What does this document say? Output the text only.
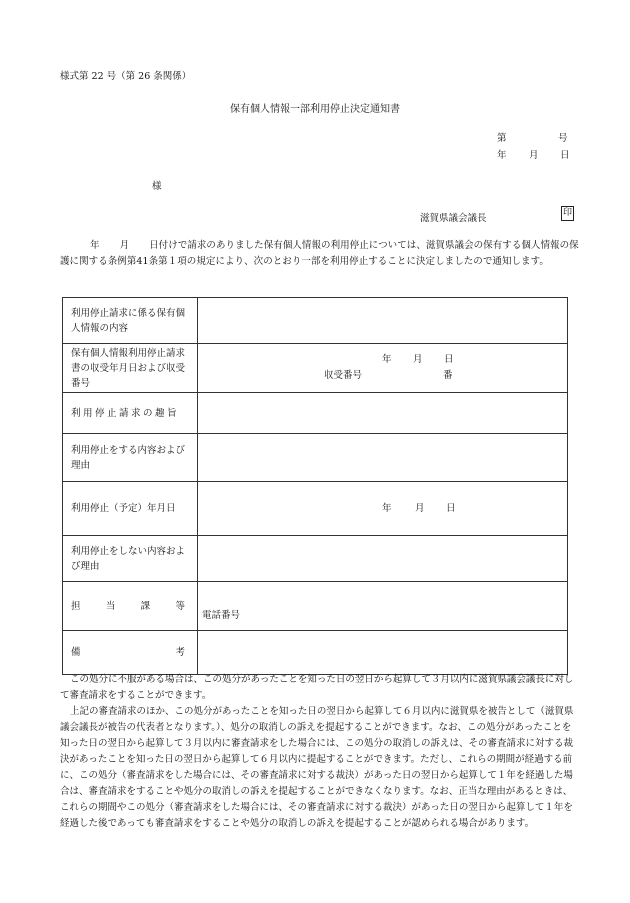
様式第 22 号（第 26 条関係）
保有個人情報一部利用停止決定通知書
第	号
年 月 日
様
滋賀県議会議長	印
年 月 日付けで請求のありました保有個人情報の利用停止については、滋賀県議会の保有する個人情報の保護に関する条例第41条第１項の規定により、次のとおり一部を利用停止することに決定しましたので通知します。
利用停止請求に係る保有個人情報の内容	
保有個人情報利用停止請求書の収受年月日および収受番号	年 月 日
収受番号 番

利用停止請求の趣旨	

利用停止をする内容および理由	
利用停止（予定）年月日	年 月 日

利用停止をしない内容および理由	

担 当 課 等	電話番号

備 考	

この処分に不服がある場合は、この処分があったことを知った日の翌日から起算して３月以内に滋賀県議会議長に対して審査請求をすることができます。

上記の審査請求のほか、この処分があったことを知った日の翌日から起算して６月以内に滋賀県を被告として（滋賀県議会議長が被告の代表者となります。）、処分の取消しの訴えを提起することができます。なお、この処分があったことを知った日の翌日から起算して３月以内に審査請求をした場合には、この処分の取消しの訴えは、その審査請求に対する裁決があったことを知った日の翌日から起算して６月以内に提起することができます。ただし、これらの期間が経過する前に、この処分（審査請求をした場合には、その審査請求に対する裁決）があった日の翌日から起算して１年を経過した場合は、審査請求をすることや処分の取消しの訴えを提起することができなくなります。なお、正当な理由があるときは、これらの期間やこの処分（審査請求をした場合には、その審査請求に対する裁決）があった日の翌日から起算して１年を経過した後であっても審査請求をすることや処分の取消しの訴えを提起することが認められる場合があります。
